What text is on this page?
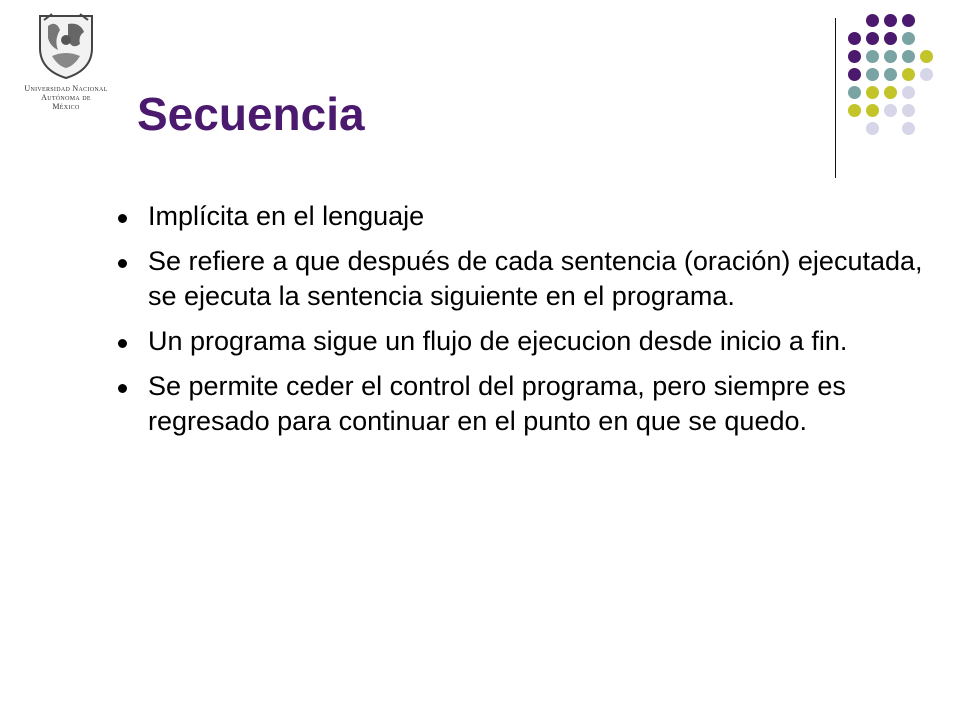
Universidad Nacional
Autónoma de
México	Secuencia
Implícita en el lenguaje
Se refiere a que después de cada sentencia (oración) ejecutada, se ejecuta la sentencia siguiente en el programa.
Un programa sigue un flujo de ejecucion desde inicio a fin.
Se permite ceder el control del programa, pero siempre es regresado para continuar en el punto en que se quedo.
